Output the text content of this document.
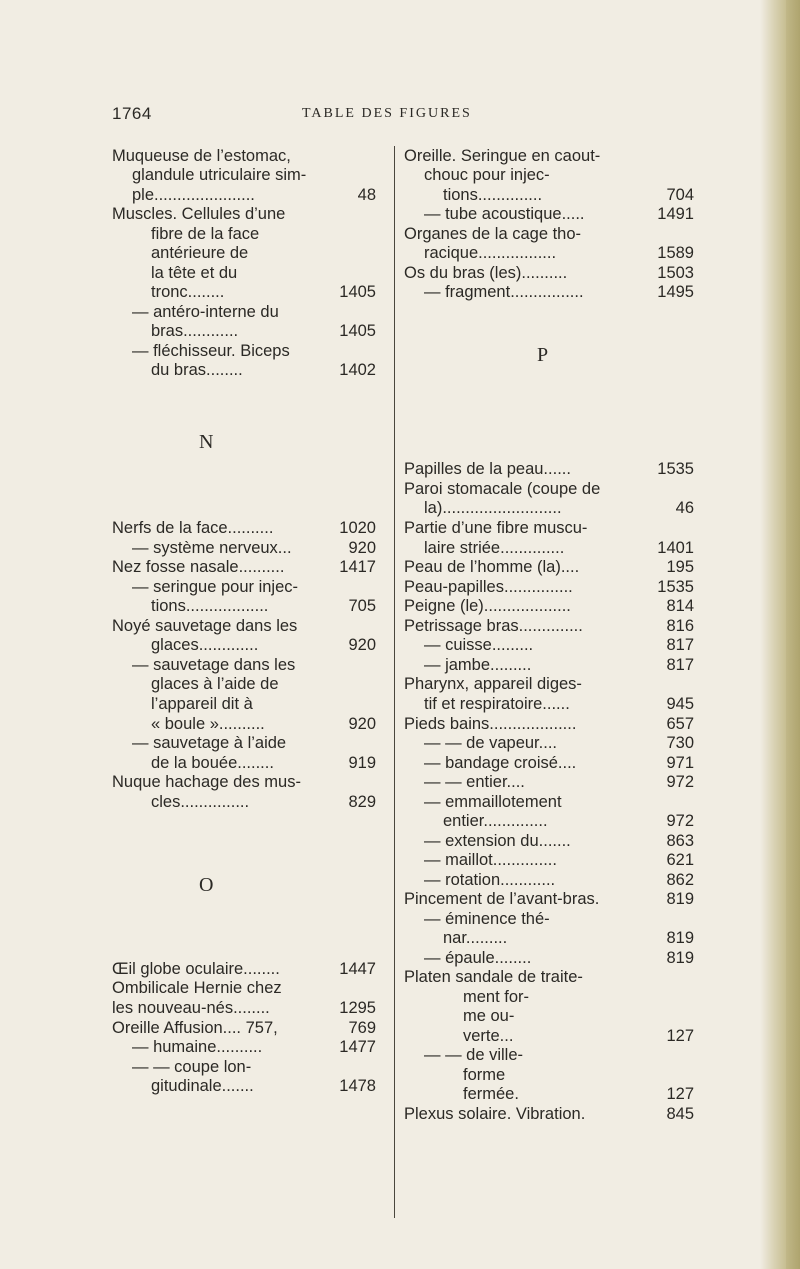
1764	TABLE DES FIGURES
Muqueuse de l’estomac,
glandule utriculaire sim-
ple......................	48
Muscles. Cellules d’une
fibre de la face
antérieure de
la tête et du
tronc........	1405
— antéro-interne du
bras............	1405
— fléchisseur. Biceps
du bras........	1402
Nerfs de la face..........	1020
— système nerveux...	920
Nez fosse nasale..........	1417
— seringue pour injec-
tions..................	705
Noyé sauvetage dans les
glaces.............	920
— sauvetage dans les
glaces à l’aide de
l’appareil dit à
« boule »..........	920
— sauvetage à l’aide
de la bouée........	919
Nuque hachage des mus-
cles...............	829
Œil globe oculaire........	1447
Ombilicale Hernie chez
les nouveau-nés........	1295
Oreille Affusion.... 757,	769
— humaine..........	1477
— — coupe lon-
gitudinale.......	1478
N
O
Oreille. Seringue en caout-
chouc pour injec-
tions..............	704
— tube acoustique.....	1491
Organes de la cage tho-
racique.................	1589
Os du bras (les)..........	1503
— fragment................	1495
Papilles de la peau......	1535
Paroi stomacale (coupe de
la)..........................	46
Partie d’une fibre muscu-
laire striée..............	1401
Peau de l’homme (la)....	195
Peau-papilles...............	1535
Peigne (le)...................	814
Petrissage bras..............	816
— cuisse.........	817
— jambe.........	817
Pharynx, appareil diges-
tif et respiratoire......	945
Pieds bains...................	657
— — de vapeur....	730
— bandage croisé....	971
— — entier....	972
— emmaillotement
entier..............	972
— extension du.......	863
— maillot..............	621
— rotation............	862
Pincement de l’avant-bras.	819
— éminence thé-
nar.........	819
— épaule........	819
Platen sandale de traite-
ment for-
me ou-
verte...	127
— — de ville-
forme
fermée.	127
Plexus solaire. Vibration.	845
P
